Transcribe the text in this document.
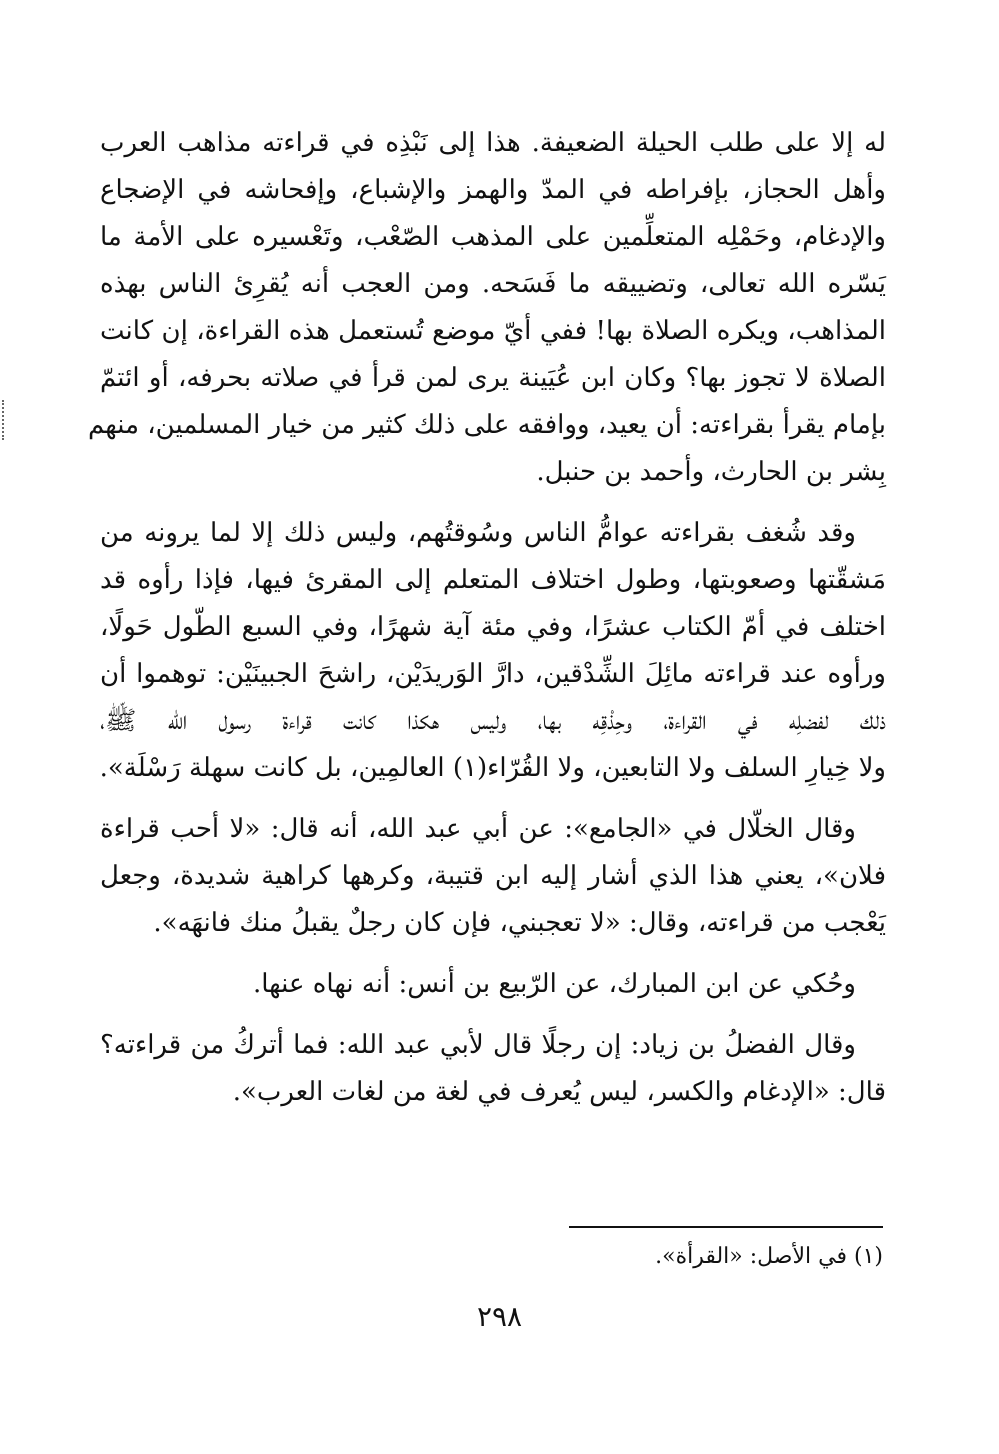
له إلا على طلب الحيلة الضعيفة. هذا إلى نَبْذِه في قراءته مذاهب العرب
وأهل الحجاز، بإفراطه في المدّ والهمز والإشباع، وإفحاشه في الإضجاع
والإدغام، وحَمْلِه المتعلِّمين على المذهب الصّعْب، وتَعْسيره على الأمة ما
يَسّره الله تعالى، وتضييقه ما فَسَحه. ومن العجب أنه يُقرِئ الناس بهذه
المذاهب، ويكره الصلاة بها! ففي أيّ موضع تُستعمل هذه القراءة، إن كانت
الصلاة لا تجوز بها؟ وكان ابن عُيَينة يرى لمن قرأ في صلاته بحرفه، أو ائتمّ
بإمام يقرأ بقراءته: أن يعيد، ووافقه على ذلك كثير من خيار المسلمين، منهم
بِشر بن الحارث، وأحمد بن حنبل.
وقد شُغف بقراءته عوامُّ الناس وسُوقتُهم، وليس ذلك إلا لما يرونه من
مَشقّتها وصعوبتها، وطول اختلاف المتعلم إلى المقرئ فيها، فإذا رأوه قد
اختلف في أمّ الكتاب عشرًا، وفي مئة آية شهرًا، وفي السبع الطّول حَولًا،
ورأوه عند قراءته مائِلَ الشِّدْقين، دارَّ الوَريدَيْن، راشحَ الجبينَيْن: توهموا أن
ذلك لفضلِه في القراءة، وحِذْقِه بها، وليس هكذا كانت قراءة رسول الله ﷺ،
ولا خِيارِ السلف ولا التابعين، ولا القُرّاء(١) العالمِين، بل كانت سهلة رَسْلَة».
وقال الخلّال في «الجامع»: عن أبي عبد الله، أنه قال: «لا أحب قراءة
فلان»، يعني هذا الذي أشار إليه ابن قتيبة، وكرهها كراهية شديدة، وجعل
يَعْجب من قراءته، وقال: «لا تعجبني، فإن كان رجلٌ يقبلُ منك فانهَه».
وحُكي عن ابن المبارك، عن الرّبيع بن أنس: أنه نهاه عنها.
وقال الفضلُ بن زياد: إن رجلًا قال لأبي عبد الله: فما أتركُ من قراءته؟
قال: «الإدغام والكسر، ليس يُعرف في لغة من لغات العرب».
(١) في الأصل: «القرأة».
٢٩٨
